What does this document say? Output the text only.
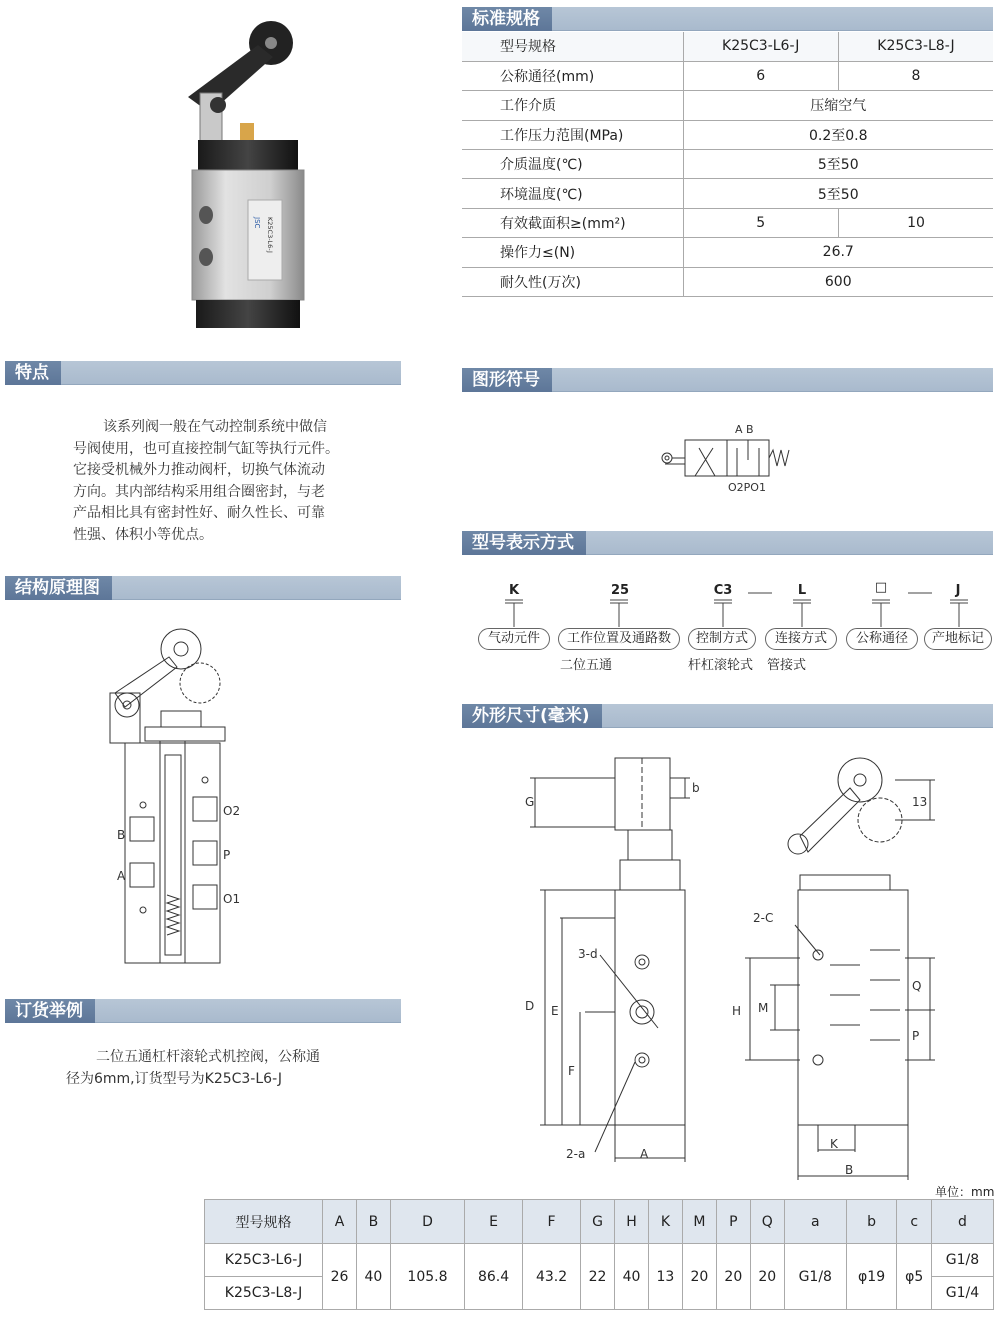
JSC K25C3-L6-J
标准规格
型号规格	K25C3-L6-J	K25C3-L8-J
公称通径(mm)	6	8
工作介质	压缩空气	
工作压力范围(MPa)	0.2至0.8	
介质温度(℃)	5至50	
环境温度(℃)	5至50	
有效截面积≥(mm²)	5	10
操作力≤(N)	26.7	
耐久性(万次)	600	
特点
该系列阀一般在气动控制系统中做信
号阀使用，也可直接控制气缸等执行元件。
它接受机械外力推动阀杆，切换气体流动
方向。其内部结构采用组合圈密封，与老
产品相比具有密封性好、耐久性长、可靠
性强、体积小等优点。
结构原理图
O2
B
P
A
O1
订货举例
二位五通杠杆滚轮式机控阀，公称通
径为6mm,订货型号为K25C3-L6-J
图形符号
A B
O2PO1
型号表示方式
K	25	C3	L	□	J
气动元件	工作位置及通路数	控制方式	连接方式	公称通径	产地标记
二位五通	杆杠滚轮式 管接式
外形尺寸(毫米)
G
b
D E
F
3-d
2-a	A
13
2-C
H M
Q
P
K
B
单位：mm
型号规格	A	B	D	E	F	G	H	K	M	P	Q	a	b	c	d
K25C3-L6-J	26	40	105.8	86.4	43.2	22	40	13	20	20	20	G1/8	φ19	φ5	G1/8
K25C3-L8-J															G1/4
